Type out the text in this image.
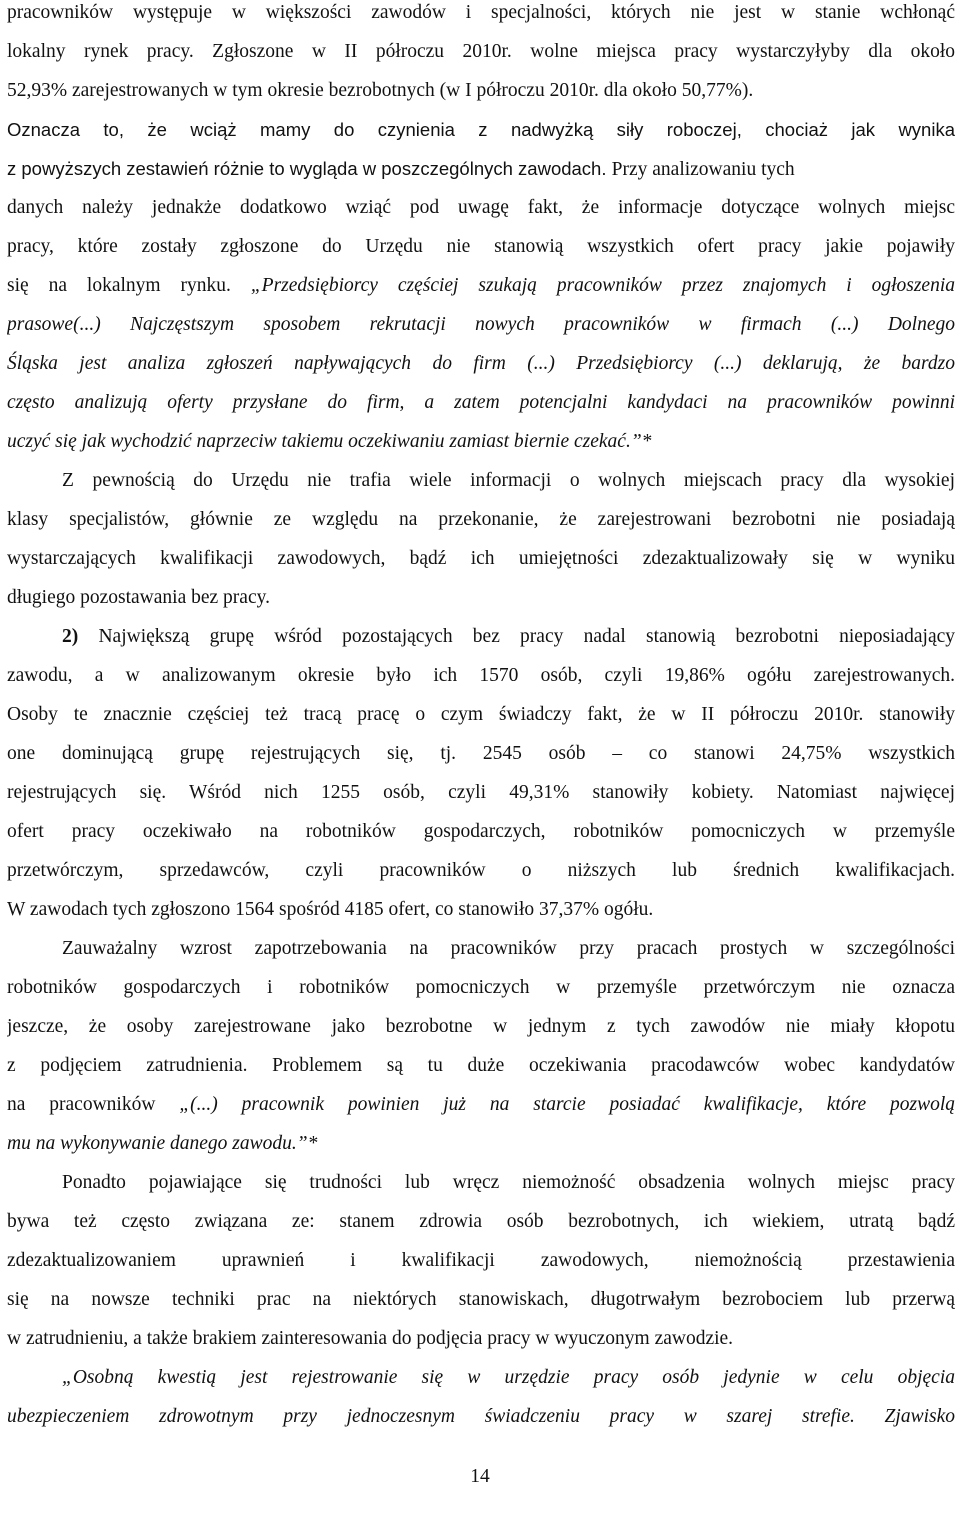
pracowników występuje w większości zawodów i specjalności, których nie jest w stanie wchłonąć
lokalny rynek pracy. Zgłoszone w II półroczu 2010r. wolne miejsca pracy wystarczyłyby dla około
52,93% zarejestrowanych w tym okresie bezrobotnych (w I półroczu 2010r. dla około 50,77%).
Oznacza to, że wciąż mamy do czynienia z nadwyżką siły roboczej, chociaż jak wynika
z powyższych zestawień różnie to wygląda w poszczególnych zawodach. Przy analizowaniu tych
danych należy jednakże dodatkowo wziąć pod uwagę fakt, że informacje dotyczące wolnych miejsc
pracy, które zostały zgłoszone do Urzędu nie stanowią wszystkich ofert pracy jakie pojawiły
się na lokalnym rynku. „Przedsiębiorcy częściej szukają pracowników przez znajomych i ogłoszenia
prasowe(...) Najczęstszym sposobem rekrutacji nowych pracowników w firmach (...) Dolnego
Śląska jest analiza zgłoszeń napływających do firm (...) Przedsiębiorcy (...) deklarują, że bardzo
często analizują oferty przysłane do firm, a zatem potencjalni kandydaci na pracowników powinni
uczyć się jak wychodzić naprzeciw takiemu oczekiwaniu zamiast biernie czekać.”*
Z pewnością do Urzędu nie trafia wiele informacji o wolnych miejscach pracy dla wysokiej
klasy specjalistów, głównie ze względu na przekonanie, że zarejestrowani bezrobotni nie posiadają
wystarczających kwalifikacji zawodowych, bądź ich umiejętności zdezaktualizowały się w wyniku
długiego pozostawania bez pracy.
2) Największą grupę wśród pozostających bez pracy nadal stanowią bezrobotni nieposiadający
zawodu, a w analizowanym okresie było ich 1570 osób, czyli 19,86% ogółu zarejestrowanych.
Osoby te znacznie częściej też tracą pracę o czym świadczy fakt, że w II półroczu 2010r. stanowiły
one dominującą grupę rejestrujących się, tj. 2545 osób – co stanowi 24,75% wszystkich
rejestrujących się. Wśród nich 1255 osób, czyli 49,31% stanowiły kobiety. Natomiast najwięcej
ofert pracy oczekiwało na robotników gospodarczych, robotników pomocniczych w przemyśle
przetwórczym, sprzedawców, czyli pracowników o niższych lub średnich kwalifikacjach.
W zawodach tych zgłoszono 1564 spośród 4185 ofert, co stanowiło 37,37% ogółu.
Zauważalny wzrost zapotrzebowania na pracowników przy pracach prostych w szczególności
robotników gospodarczych i robotników pomocniczych w przemyśle przetwórczym nie oznacza
jeszcze, że osoby zarejestrowane jako bezrobotne w jednym z tych zawodów nie miały kłopotu
z podjęciem zatrudnienia. Problemem są tu duże oczekiwania pracodawców wobec kandydatów
na pracowników „(...) pracownik powinien już na starcie posiadać kwalifikacje, które pozwolą
mu na wykonywanie danego zawodu.”*
Ponadto pojawiające się trudności lub wręcz niemożność obsadzenia wolnych miejsc pracy
bywa też często związana ze: stanem zdrowia osób bezrobotnych, ich wiekiem, utratą bądź
zdezaktualizowaniem uprawnień i kwalifikacji zawodowych, niemożnością przestawienia
się na nowsze techniki prac na niektórych stanowiskach, długotrwałym bezrobociem lub przerwą
w zatrudnieniu, a także brakiem zainteresowania do podjęcia pracy w wyuczonym zawodzie.
„Osobną kwestią jest rejestrowanie się w urzędzie pracy osób jedynie w celu objęcia
ubezpieczeniem zdrowotnym przy jednoczesnym świadczeniu pracy w szarej strefie. Zjawisko
14
